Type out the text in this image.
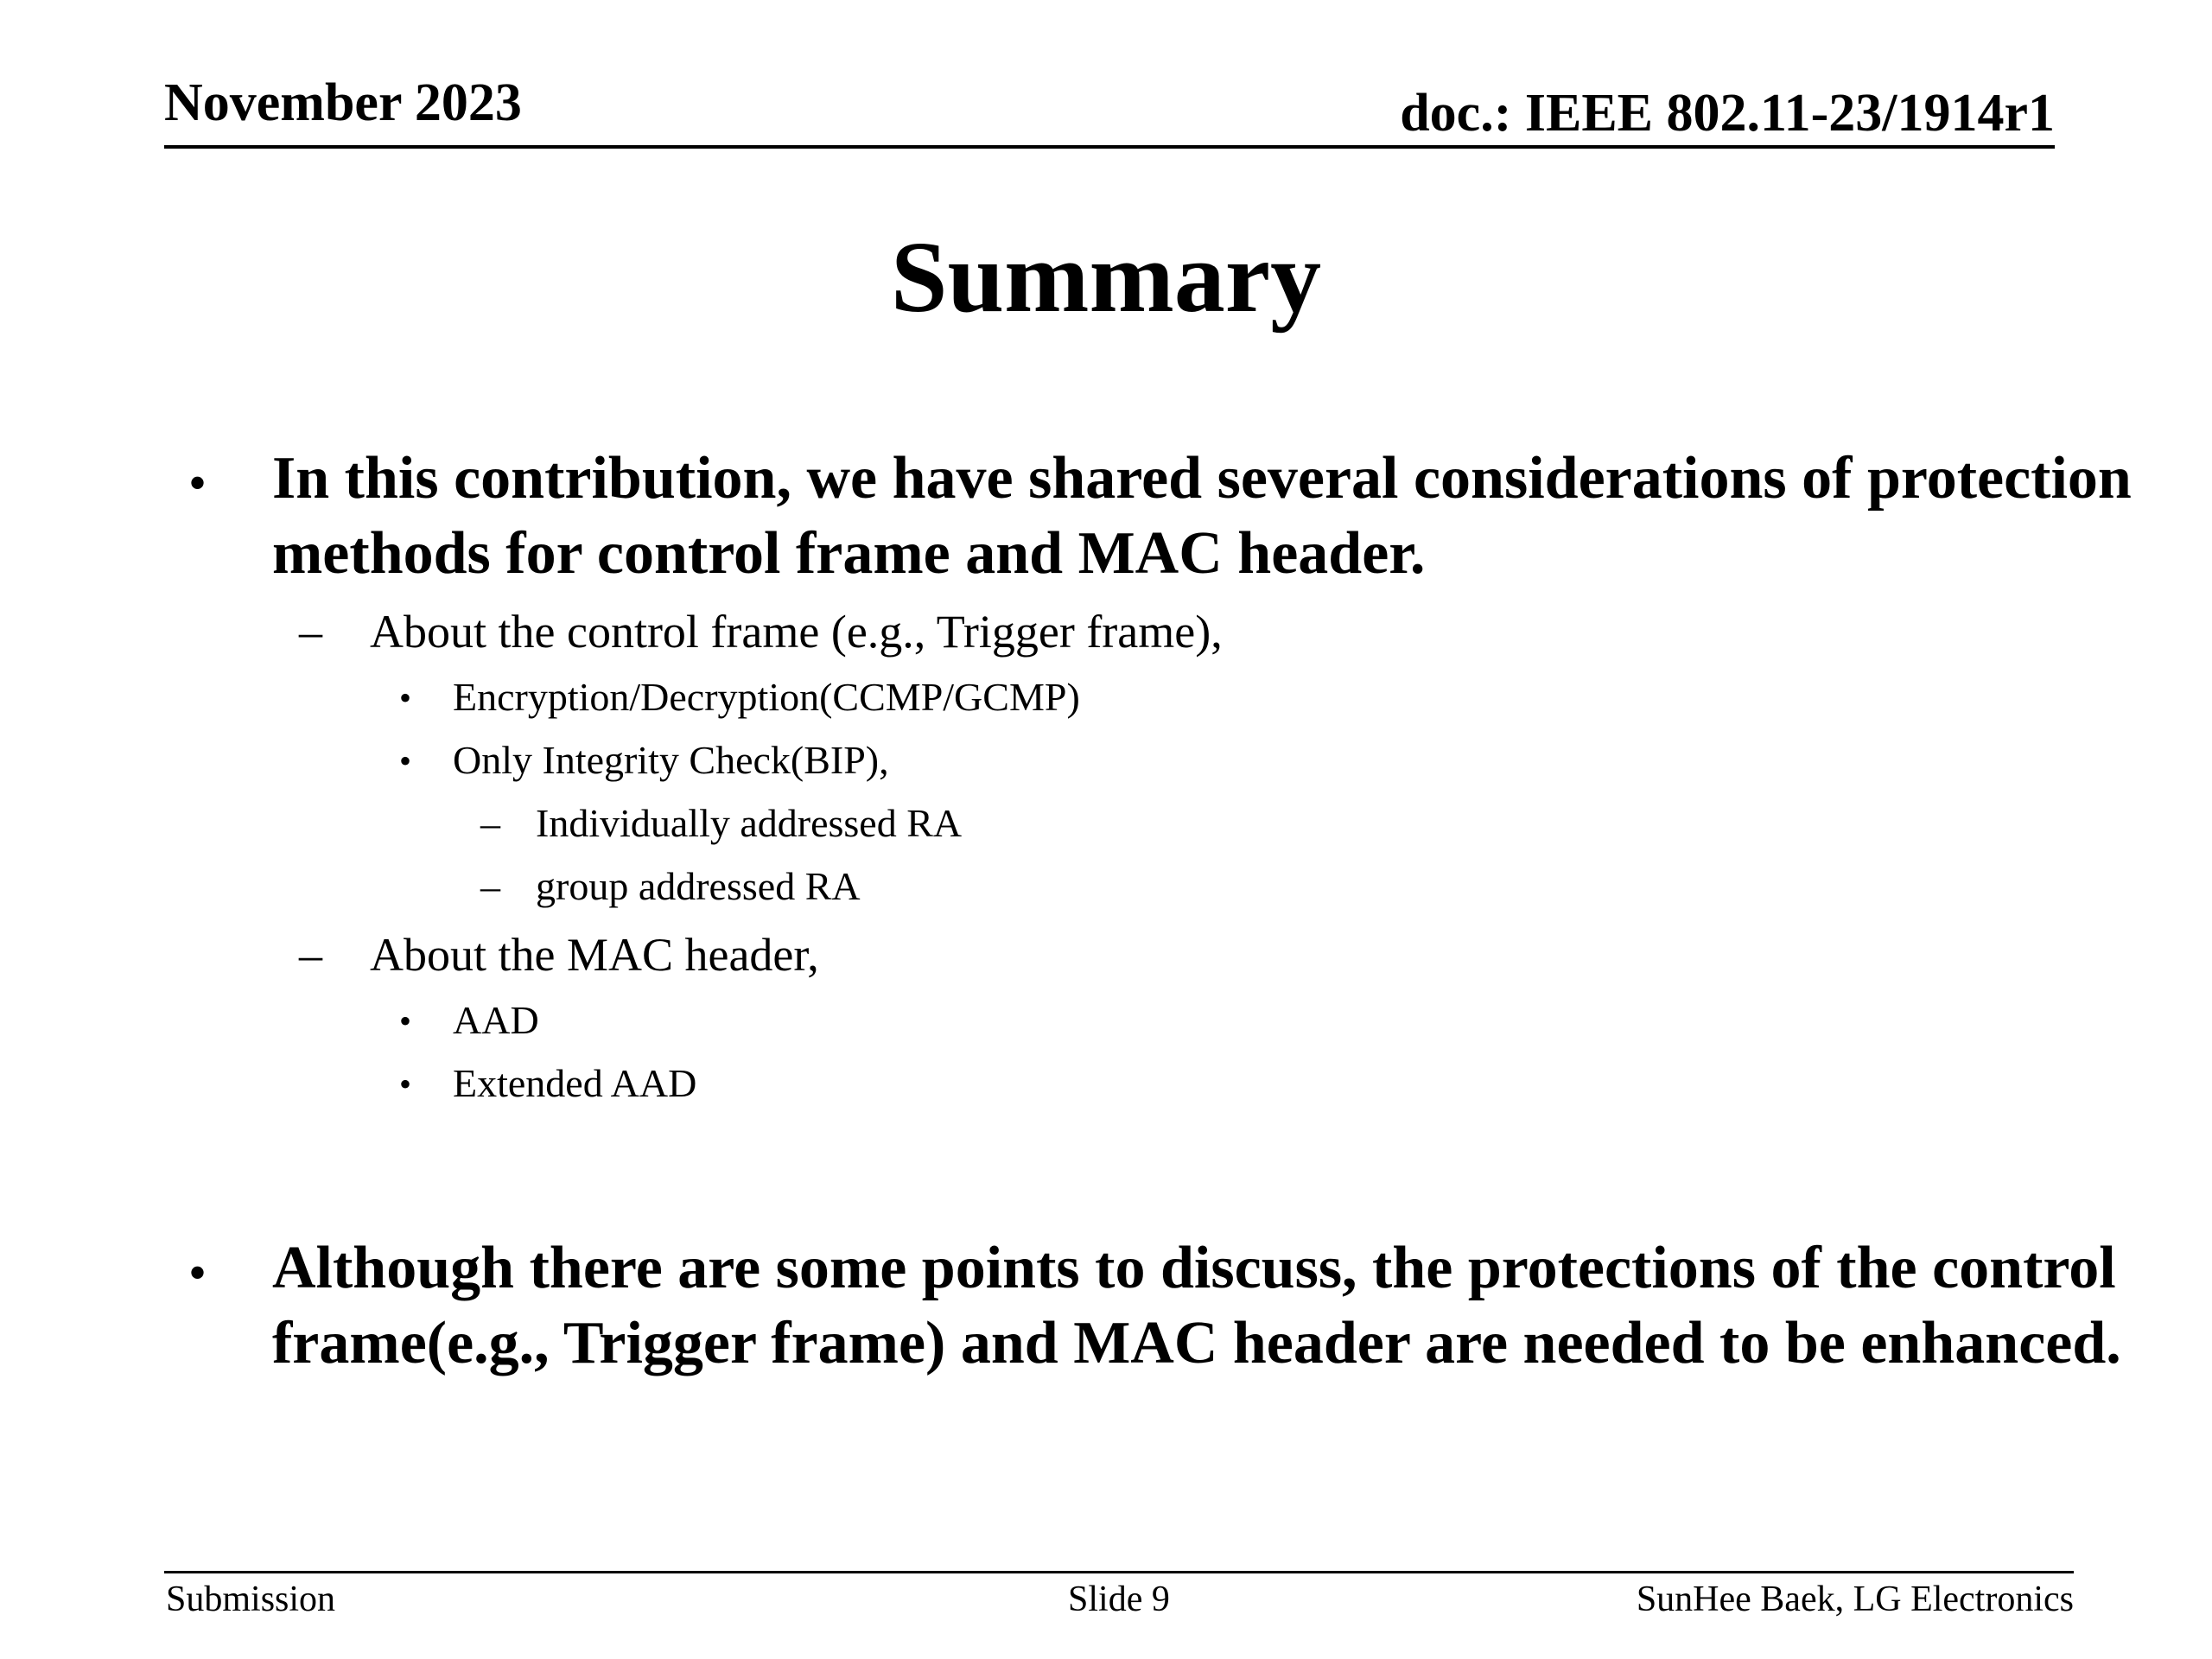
November 2023	doc.: IEEE 802.11-23/1914r1
Summary
• In this contribution, we have shared several considerations of protection methods for control frame and MAC header.
– About the control frame (e.g., Trigger frame),
• Encryption/Decryption(CCMP/GCMP)
• Only Integrity Check(BIP),
– Individually addressed RA
– group addressed RA
– About the MAC header,
• AAD
• Extended AAD
• Although there are some points to discuss, the protections of the control frame(e.g., Trigger frame) and MAC header are needed to be enhanced.
Submission	Slide 9	SunHee Baek, LG Electronics
